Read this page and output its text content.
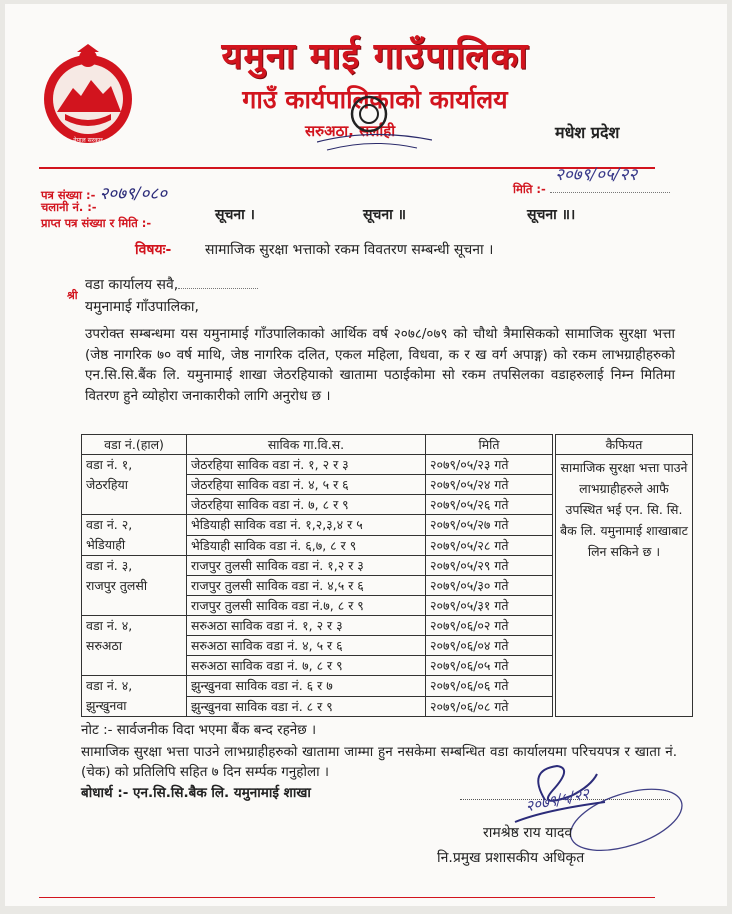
नेपाल सरकार
यमुना माई गाउँपालिका
गाउँ कार्यपालिकाको कार्यालय
सरुअठा, सर्लाही	मधेश प्रदेश
पत्र संख्या :- २०७९/०८०
चलानी नं. :-
प्राप्त पत्र संख्या र मिति :-
मिति :-
२०७९/०५/२२
सूचना ।	सूचना ॥	सूचना ॥।
विषयः- सामाजिक सुरक्षा भत्ताको रकम विवतरण सम्बन्धी सूचना ।
श्री
वडा कार्यालय सवै,
यमुनामाई गाँउपालिका,
उपरोक्त सम्बन्धमा यस यमुनामाई गाँउपालिकाको आर्थिक वर्ष २०७८/०७९ को चौथो त्रैमासिकको सामाजिक सुरक्षा भत्ता (जेष्ठ नागरिक ७० वर्ष माथि, जेष्ठ नागरिक दलित, एकल महिला, विधवा, क र ख वर्ग अपाङ्ग) को रकम लाभग्राहीहरुको एन.सि.सि.बैंक लि. यमुनामाई शाखा जेठरहियाको खातामा पठाईकोमा सो रकम तपसिलका वडाहरुलाई निम्न मितिमा वितरण हुने व्योहोरा जनाकारीको लागि अनुरोध छ ।
वडा नं.(हाल)	साविक गा.वि.स.	मिति		कैफियत

वडा नं. १,
जेठरहिया	जेठरहिया साविक वडा नं. १, २ र ३	२०७९/०५/२३ गते		सामाजिक सुरक्षा भत्ता पाउने लाभग्राहीहरुले आफै उपस्थित भई एन. सि. सि. बैक लि. यमुनामाई शाखाबाट लिन सकिने छ ।
	जेठरहिया साविक वडा नं. ४, ५ र ६	२०७९/०५/२४ गते		
	जेठरहिया साविक वडा नं. ७, ८ र ९	२०७९/०५/२६ गते		

वडा नं. २,
भेडियाही	भेडियाही साविक वडा नं. १,२,३,४ र ५	२०७९/०५/२७ गते		
	भेडियाही साविक वडा नं. ६,७, ८ र ९	२०७९/०५/२८ गते		

वडा नं. ३,
राजपुर तुलसी	राजपुर तुलसी साविक वडा नं. १,२ र ३	२०७९/०५/२९ गते		
	राजपुर तुलसी साविक वडा नं. ४,५ र ६	२०७९/०५/३० गते		
	राजपुर तुलसी साविक वडा नं.७, ८ र ९	२०७९/०५/३१ गते		

वडा नं. ४,
सरुअठा	सरुअठा साविक वडा नं. १, २ र ३	२०७९/०६/०२ गते		
	सरुअठा साविक वडा नं. ४, ५ र ६	२०७९/०६/०४ गते		
	सरुअठा साविक वडा नं. ७, ८ र ९	२०७९/०६/०५ गते		

वडा नं. ४,
झुन्खुनवा	झुन्खुनवा साविक वडा नं. ६ र ७	२०७९/०६/०६ गते		
	झुन्खुनवा साविक वडा नं. ८ र ९	२०७९/०६/०८ गते		
नोट :- सार्वजनीक विदा भएमा बैंक बन्द रहनेछ ।
सामाजिक सुरक्षा भत्ता पाउने लाभग्राहीहरुको खातामा जाम्मा हुन नसकेमा सम्बन्धित वडा कार्यालयमा परिचयपत्र र खाता नं.(चेक) को प्रतिलिपि सहित ७ दिन सर्म्पक गनुहोला ।
बोधार्थ :- एन.सि.सि.बैक लि. यमुनामाई शाखा	२०७९/५/२२
रामश्रेष्ठ राय यादव
नि.प्रमुख प्रशासकीय अधिकृत
